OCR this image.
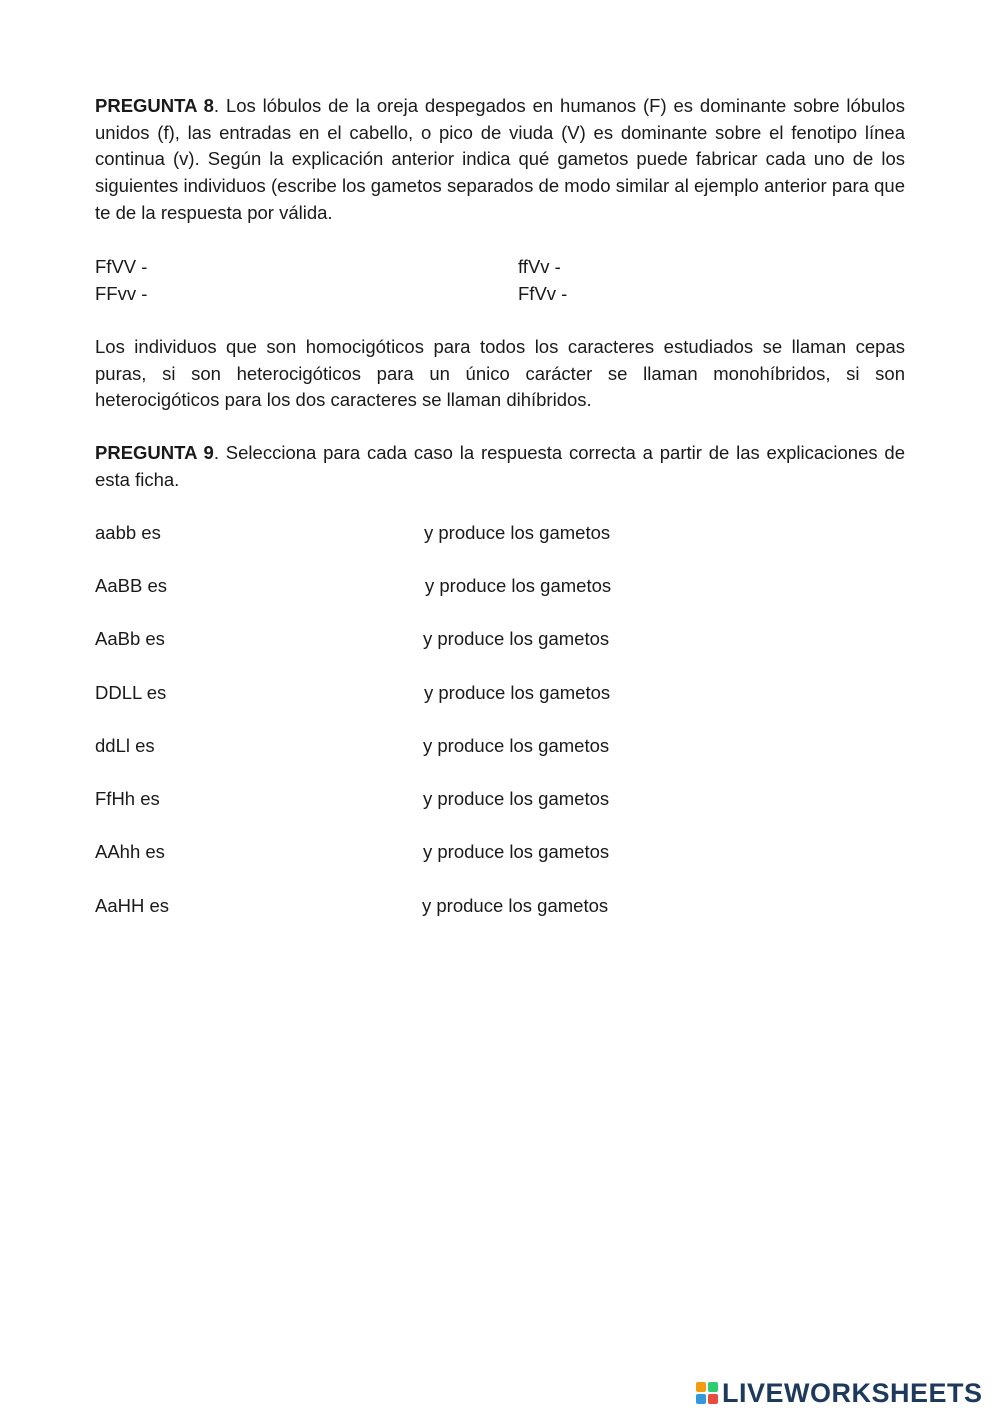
PREGUNTA 8. Los lóbulos de la oreja despegados en humanos (F) es dominante sobre lóbulos unidos (f), las entradas en el cabello, o pico de viuda (V) es dominante sobre el fenotipo línea continua (v). Según la explicación anterior indica qué gametos puede fabricar cada uno de los siguientes individuos (escribe los gametos separados de modo similar al ejemplo anterior para que te de la respuesta por válida.

FfVV -	ffVv -
FFvv -	FfVv -

Los individuos que son homocigóticos para todos los caracteres estudiados se llaman cepas puras, si son heterocigóticos para un único carácter se llaman monohíbridos, si son heterocigóticos para los dos caracteres se llaman dihíbridos.

PREGUNTA 9. Selecciona para cada caso la respuesta correcta a partir de las explicaciones de esta ficha.

aabb es	y produce los gametos
AaBB es	y produce los gametos
AaBb es	y produce los gametos
DDLL es	y produce los gametos
ddLl es	y produce los gametos
FfHh es	y produce los gametos
AAhh es	y produce los gametos
AaHH es	y produce los gametos
LIVEWORKSHEETS
